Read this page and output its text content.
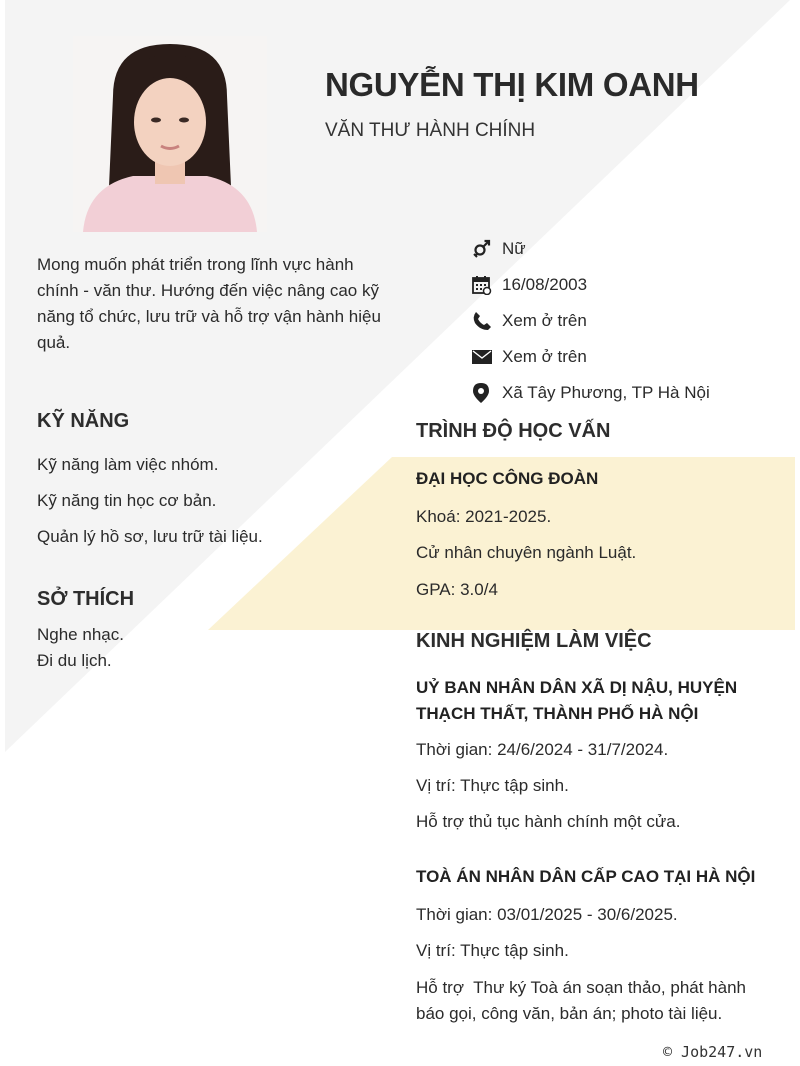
NGUYỄN THỊ KIM OANH
VĂN THƯ HÀNH CHÍNH
Mong muốn phát triển trong lĩnh vực hành chính - văn thư. Hướng đến việc nâng cao kỹ năng tổ chức, lưu trữ và hỗ trợ vận hành hiệu quả.
Nữ
16/08/2003
Xem ở trên
Xem ở trên
Xã Tây Phương, TP Hà Nội
KỸ NĂNG
Kỹ năng làm việc nhóm.
Kỹ năng tin học cơ bản.
Quản lý hồ sơ, lưu trữ tài liệu.
SỞ THÍCH
Nghe nhạc.
Đi du lịch.
TRÌNH ĐỘ HỌC VẤN
ĐẠI HỌC CÔNG ĐOÀN
Khoá: 2021-2025.
Cử nhân chuyên ngành Luật.
GPA: 3.0/4
KINH NGHIỆM LÀM VIỆC
UỶ BAN NHÂN DÂN XÃ DỊ NẬU, HUYỆN THẠCH THẤT, THÀNH PHỐ HÀ NỘI
Thời gian: 24/6/2024 - 31/7/2024.
Vị trí: Thực tập sinh.
Hỗ trợ thủ tục hành chính một cửa.
TOÀ ÁN NHÂN DÂN CẤP CAO TẠI HÀ NỘI
Thời gian: 03/01/2025 - 30/6/2025.
Vị trí: Thực tập sinh.
Hỗ trợ  Thư ký Toà án soạn thảo, phát hành báo gọi, công văn, bản án; photo tài liệu.
© Job247.vn
